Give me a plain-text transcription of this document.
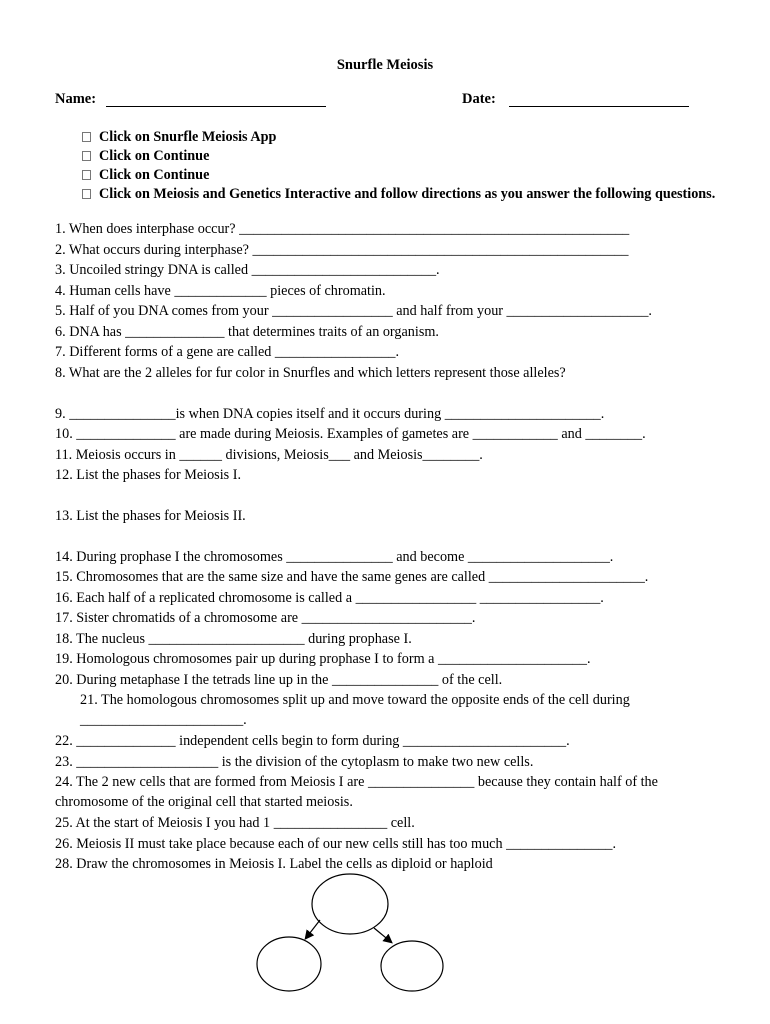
Snurfle Meiosis
Name:	Date:
Click on Snurfle Meiosis App
Click on Continue
Click on Continue
Click on Meiosis and Genetics Interactive and follow directions as you answer the following questions.
1. When does interphase occur? _______________________________________________________
2. What occurs during interphase? _____________________________________________________
3. Uncoiled stringy DNA is called __________________________.
4. Human cells have _____________ pieces of chromatin.
5. Half of you DNA comes from your _________________ and half from your ____________________.
6. DNA has ______________ that determines traits of an organism.
7. Different forms of a gene are called _________________.
8. What are the 2 alleles for fur color in Snurfles and which letters represent those alleles?
9. _______________is when DNA copies itself and it occurs during ______________________.
10. ______________ are made during Meiosis. Examples of gametes are ____________ and ________.
11. Meiosis occurs in ______ divisions, Meiosis___ and Meiosis________.
12. List the phases for Meiosis I.
13. List the phases for Meiosis II.
14. During prophase I the chromosomes _______________ and become ____________________.
15. Chromosomes that are the same size and have the same genes are called ______________________.
16. Each half of a replicated chromosome is called a _________________ _________________.
17. Sister chromatids of a chromosome are ________________________.
18. The nucleus ______________________ during prophase I.
19. Homologous chromosomes pair up during prophase I to form a _____________________.
20. During metaphase I the tetrads line up in the _______________ of the cell.
21. The homologous chromosomes split up and move toward the opposite ends of the cell during _______________________.
22. ______________ independent cells begin to form during _______________________.
23. ____________________ is the division of the cytoplasm to make two new cells.
24. The 2 new cells that are formed from Meiosis I are _______________ because they contain half of the chromosome of the original cell that started meiosis.
25. At the start of Meiosis I you had 1 ________________ cell.
26. Meiosis II must take place because each of our new cells still has too much _______________.
28. Draw the chromosomes in Meiosis I. Label the cells as diploid or haploid
